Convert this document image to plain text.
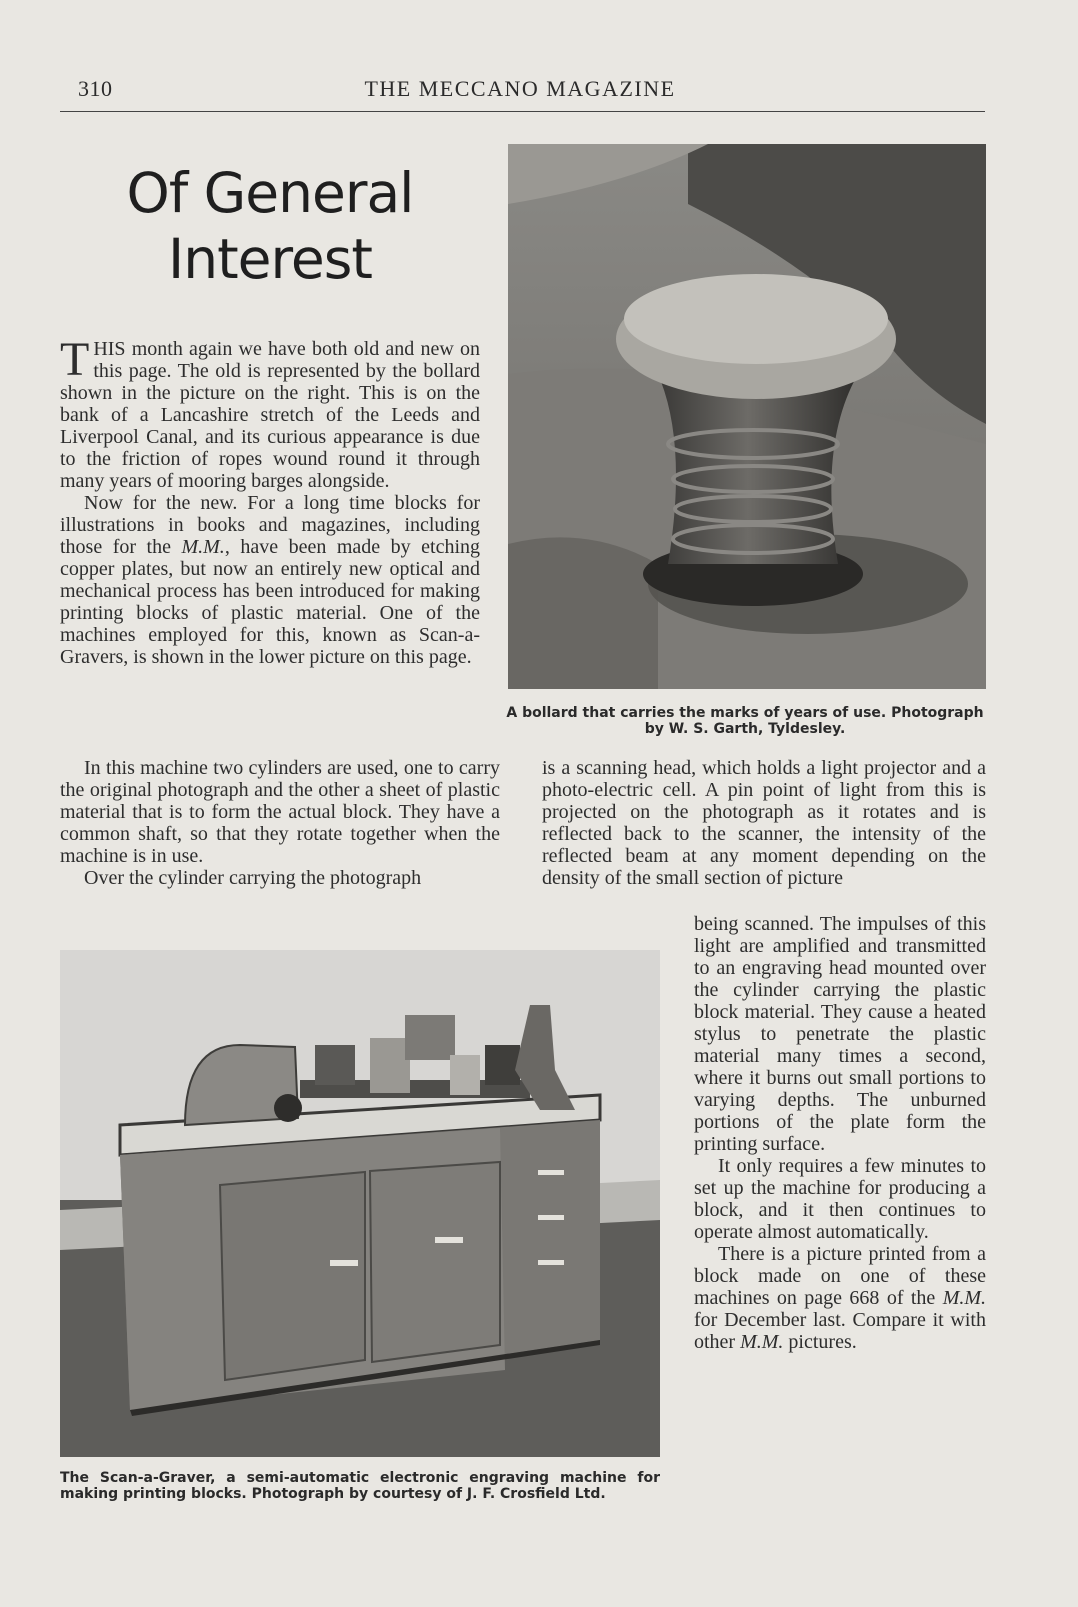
310	THE MECCANO MAGAZINE
Of General
Interest
A bollard that carries the marks of years of use. Photograph by W. S. Garth, Tyldesley.
The Scan-a-Graver, a semi-automatic electronic engraving machine for making printing blocks. Photograph by courtesy of J. F. Crosfield Ltd.

THIS month again we have both old and new on this page. The old is represented by the bollard shown in the picture on the right. This is on the bank of a Lancashire stretch of the Leeds and Liverpool Canal, and its curious appearance is due to the friction of ropes wound round it through many years of mooring barges alongside.

Now for the new. For a long time blocks for illustrations in books and magazines, including those for the M.M., have been made by etching copper plates, but now an entirely new optical and mechanical process has been introduced for making printing blocks of plastic material. One of the machines employed for this, known as Scan-a-Gravers, is shown in the lower picture on this page.

In this machine two cylinders are used, one to carry the original photograph and the other a sheet of plastic material that is to form the actual block. They have a common shaft, so that they rotate together when the machine is in use.

Over the cylinder carrying the photograph

is a scanning head, which holds a light projector and a photo-electric cell. A pin point of light from this is projected on the photograph as it rotates and is reflected back to the scanner, the intensity of the reflected beam at any moment depending on the density of the small section of picture

being scanned. The impulses of this light are amplified and transmitted to an engraving head mounted over the cylinder carrying the plastic block material. They cause a heated stylus to penetrate the plastic material many times a second, where it burns out small portions to varying depths. The unburned portions of the plate form the printing surface.

It only requires a few minutes to set up the machine for producing a block, and it then continues to operate almost automatically.

There is a picture printed from a block made on one of these machines on page 668 of the M.M. for December last. Compare it with other M.M. pictures.
